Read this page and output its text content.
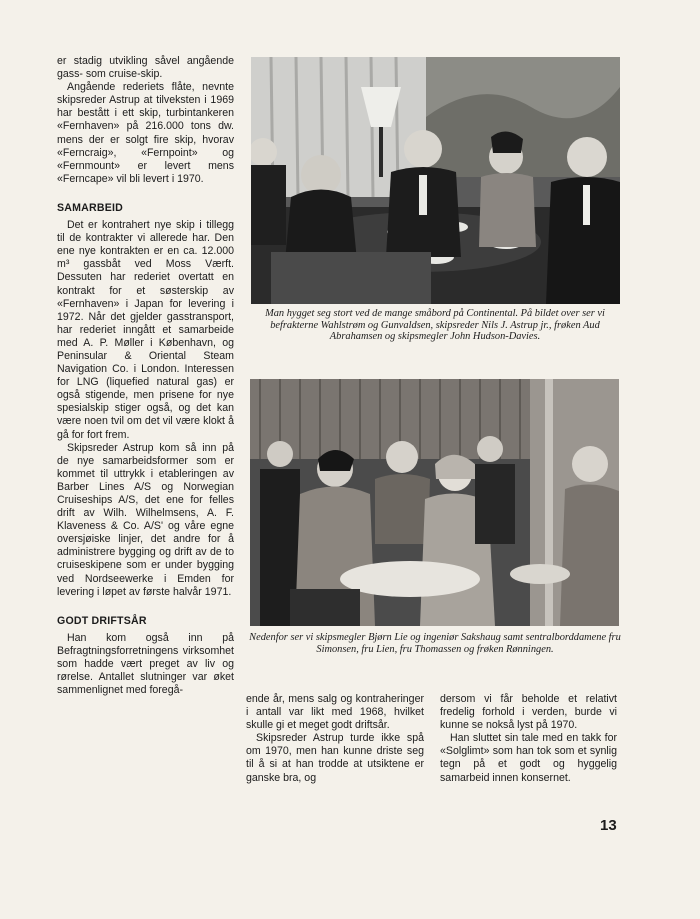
er stadig utvikling såvel angående gass- som cruise-skip.

Angående rederiets flåte, nevnte skipsreder Astrup at tilveksten i 1969 har bestått i ett skip, turbintankeren «Fernhaven» på 216.000 tons dw. mens der er solgt fire skip, hvorav «Ferncraig», «Fernpoint» og «Fernmount» er levert mens «Ferncape» vil bli levert i 1970.

SAMARBEID

Det er kontrahert nye skip i tillegg til de kontrakter vi allerede har. Den ene nye kontrakten er en ca. 12.000 m³ gassbåt ved Moss Værft. Dessuten har rederiet overtatt en kontrakt for et søsterskip av «Fernhaven» i Japan for levering i 1972. Når det gjelder gasstransport, har rederiet inngått et samarbeide med A. P. Møller i København, og Peninsular & Oriental Steam Navigation Co. i London. Interessen for LNG (liquefied natural gas) er også stigende, men prisene for nye spesialskip stiger også, og det kan være noen tvil om det vil være klokt å gå for fort frem.

Skipsreder Astrup kom så inn på de nye samarbeidsformer som er kommet til uttrykk i etableringen av Barber Lines A/S og Norwegian Cruiseships A/S, det ene for felles drift av Wilh. Wilhelmsens, A. F. Klaveness & Co. A/S' og våre egne oversjøiske linjer, det andre for å administrere bygging og drift av de to cruiseskipene som er under bygging ved Nordseewerke i Emden for levering i løpet av første halvår 1971.

GODT DRIFTSÅR

Han kom også inn på Befragtningsforretningens virksomhet som hadde vært preget av liv og rørelse. Antallet slutninger var øket sammenlignet med foregå-

Man hygget seg stort ved de mange småbord på Continental. På bildet over ser vi befrakterne Wahlstrøm og Gunvaldsen, skipsreder Nils J. Astrup jr., frøken Aud Abrahamsen og skipsmegler John Hudson-Davies.
Nedenfor ser vi skipsmegler Bjørn Lie og ingeniør Sakshaug samt sentralborddamene fru Simonsen, fru Lien, fru Thomassen og frøken Rønningen.

ende år, mens salg og kontraheringer i antall var likt med 1968, hvilket skulle gi et meget godt driftsår.

Skipsreder Astrup turde ikke spå om 1970, men han kunne driste seg til å si at han trodde at utsiktene er ganske bra, og

dersom vi får beholde et relativt fredelig forhold i verden, burde vi kunne se nokså lyst på 1970.

Han sluttet sin tale med en takk for «Solglimt» som han tok som et synlig tegn på et godt og hyggelig samarbeid innen konsernet.

13
